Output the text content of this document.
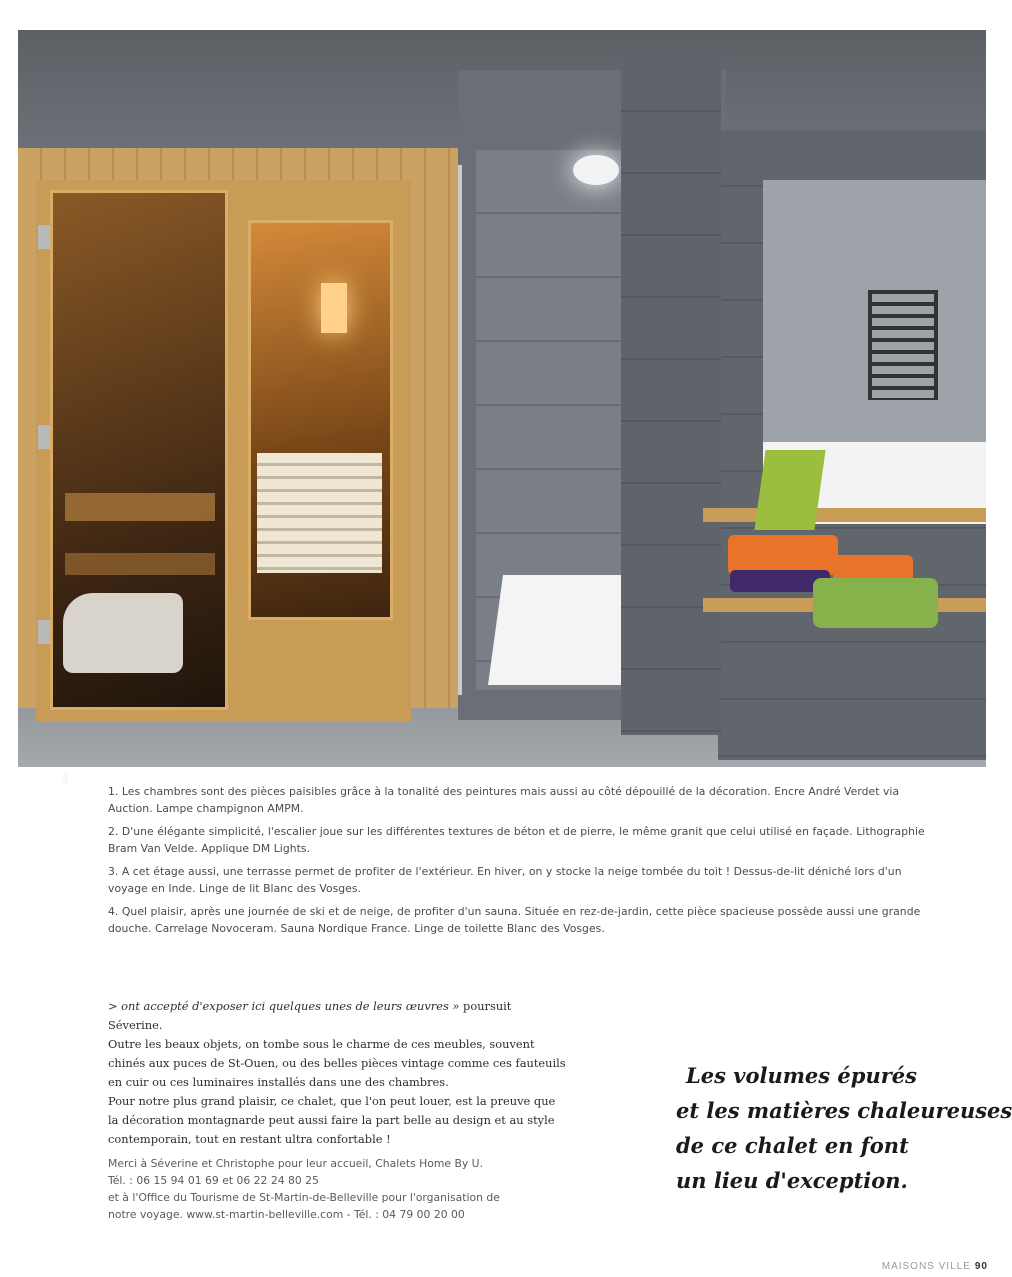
4

1. Les chambres sont des pièces paisibles grâce à la tonalité des peintures mais aussi au côté dépouillé de la décoration. Encre André Verdet via Auction. Lampe champignon AMPM.

2. D'une élégante simplicité, l'escalier joue sur les différentes textures de béton et de pierre, le même granit que celui utilisé en façade. Lithographie Bram Van Velde. Applique DM Lights.

3. A cet étage aussi, une terrasse permet de profiter de l'extérieur. En hiver, on y stocke la neige tombée du toit ! Dessus-de-lit déniché lors d'un voyage en Inde. Linge de lit Blanc des Vosges.

4. Quel plaisir, après une journée de ski et de neige, de profiter d'un sauna. Située en rez-de-jardin, cette pièce spacieuse possède aussi une grande douche. Carrelage Novoceram. Sauna Nordique France. Linge de toilette Blanc des Vosges.

> ont accepté d'exposer ici quelques unes de leurs œuvres » poursuit Séverine.

Outre les beaux objets, on tombe sous le charme de ces meubles, souvent chinés aux puces de St-Ouen, ou des belles pièces vintage comme ces fauteuils en cuir ou ces luminaires installés dans une des chambres.

Pour notre plus grand plaisir, ce chalet, que l'on peut louer, est la preuve que la décoration montagnarde peut aussi faire la part belle au design et au style contemporain, tout en restant ultra confortable !

Merci à Séverine et Christophe pour leur accueil, Chalets Home By U.

Tél. : 06 15 94 01 69 et 06 22 24 80 25

et à l'Office du Tourisme de St-Martin-de-Belleville pour l'organisation de

notre voyage. www.st-martin-belleville.com - Tél. : 04 79 00 20 00

Les volumes épurés
et les matières chaleureuses
de ce chalet en font
un lieu d'exception.
MAISONS VILLE 90
